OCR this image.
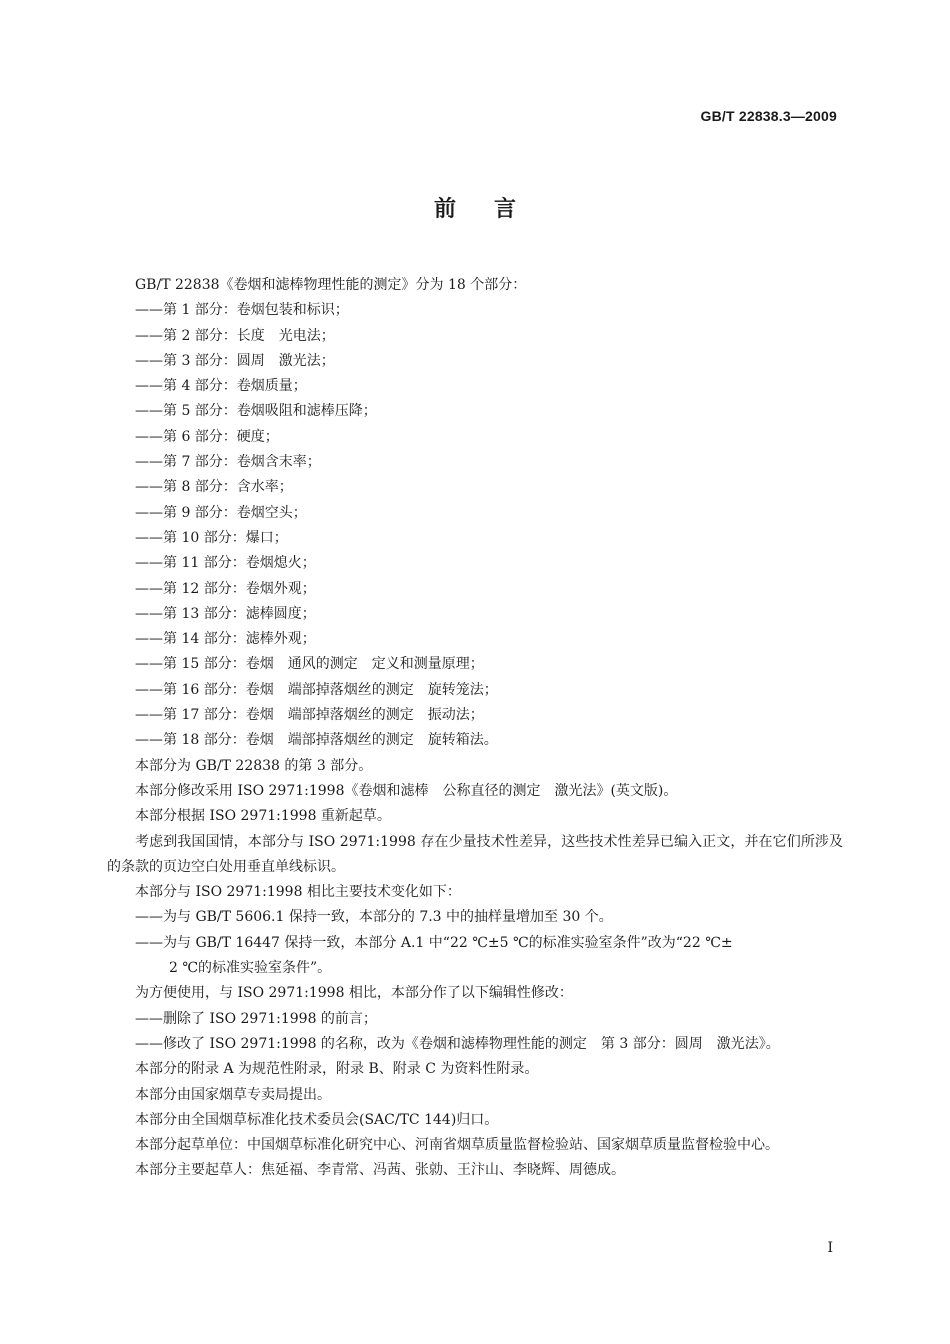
GB/T 22838.3—2009
前言
GB/T 22838《卷烟和滤棒物理性能的测定》分为 18 个部分：
——第 1 部分：卷烟包装和标识；
——第 2 部分：长度　光电法；
——第 3 部分：圆周　激光法；
——第 4 部分：卷烟质量；
——第 5 部分：卷烟吸阻和滤棒压降；
——第 6 部分：硬度；
——第 7 部分：卷烟含末率；
——第 8 部分：含水率；
——第 9 部分：卷烟空头；
——第 10 部分：爆口；
——第 11 部分：卷烟熄火；
——第 12 部分：卷烟外观；
——第 13 部分：滤棒圆度；
——第 14 部分：滤棒外观；
——第 15 部分：卷烟　通风的测定　定义和测量原理；
——第 16 部分：卷烟　端部掉落烟丝的测定　旋转笼法；
——第 17 部分：卷烟　端部掉落烟丝的测定　振动法；
——第 18 部分：卷烟　端部掉落烟丝的测定　旋转箱法。
本部分为 GB/T 22838 的第 3 部分。
本部分修改采用 ISO 2971:1998《卷烟和滤棒　公称直径的测定　激光法》(英文版)。
本部分根据 ISO 2971:1998 重新起草。
考虑到我国国情，本部分与 ISO 2971:1998 存在少量技术性差异，这些技术性差异已编入正文，并在它们所涉及的条款的页边空白处用垂直单线标识。
本部分与 ISO 2971:1998 相比主要技术变化如下：
——为与 GB/T 5606.1 保持一致，本部分的 7.3 中的抽样量增加至 30 个。
——为与 GB/T 16447 保持一致，本部分 A.1 中“22 ℃±5 ℃的标准实验室条件”改为“22 ℃±
2 ℃的标准实验室条件”。
为方便使用，与 ISO 2971:1998 相比，本部分作了以下编辑性修改：
——删除了 ISO 2971:1998 的前言；
——修改了 ISO 2971:1998 的名称，改为《卷烟和滤棒物理性能的测定　第 3 部分：圆周　激光法》。
本部分的附录 A 为规范性附录，附录 B、附录 C 为资料性附录。
本部分由国家烟草专卖局提出。
本部分由全国烟草标准化技术委员会(SAC/TC 144)归口。
本部分起草单位：中国烟草标准化研究中心、河南省烟草质量监督检验站、国家烟草质量监督检验中心。
本部分主要起草人：焦延福、李青常、冯茜、张勍、王汴山、李晓辉、周德成。
I
